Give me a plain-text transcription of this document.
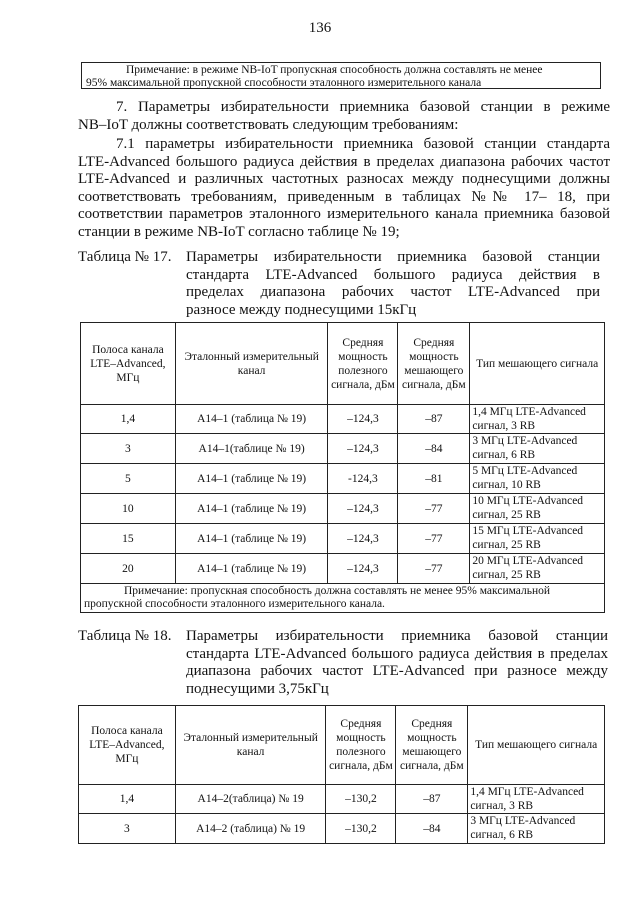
136
Примечание: в режиме NB-IoT пропускная способность должна составлять не менее
95% максимальной пропускной способности эталонного измерительного канала
7. Параметры избирательности приемника базовой станции в режиме
NB–IoT должны соответствовать следующим требованиям:
7.1 параметры избирательности приемника базовой станции стандарта
LTE-Advanced большого радиуса действия в пределах диапазона рабочих частот
LTE-Advanced и различных частотных разносах между поднесущими должны
соответствовать требованиям, приведенным в таблицах №№ 17– 18, при
соответствии параметров эталонного измерительного канала приемника базовой
станции в режиме NB-IoT согласно таблице № 19;
Таблица № 17. Параметры избирательности приемника базовой станции
стандарта LTE-Advanced большого радиуса действия в
пределах диапазона рабочих частот LTE-Advanced при
разносе между поднесущими 15кГц
Полоса канала LTE–Advanced, МГц	Эталонный измерительный канал	Средняя мощность полезного сигнала, дБм	Средняя мощность мешающего сигнала, дБм	Тип мешающего сигнала
1,4	A14–1 (таблица № 19)	–124,3	–87	1,4 МГц LTE-Advanced сигнал, 3 RB
3	A14–1(таблице № 19)	–124,3	–84	3 МГц LTE-Advanced сигнал, 6 RB
5	A14–1 (таблице № 19)	-124,3	–81	5 МГц LTE-Advanced сигнал, 10 RB
10	A14–1 (таблице № 19)	–124,3	–77	10 МГц LTE-Advanced сигнал, 25 RB
15	A14–1 (таблице № 19)	–124,3	–77	15 МГц LTE-Advanced сигнал, 25 RB
20	A14–1 (таблице № 19)	–124,3	–77	20 МГц LTE-Advanced сигнал, 25 RB

Примечание: пропускная способность должна составлять не менее 95% максимальной
пропускной способности эталонного измерительного канала.				
Таблица № 18. Параметры избирательности приемника базовой станции
стандарта LTE-Advanced большого радиуса действия в пределах
диапазона рабочих частот LTE-Advanced при разносе между
поднесущими 3,75кГц
Полоса канала LTE–Advanced, МГц	Эталонный измерительный канал	Средняя мощность полезного сигнала, дБм	Средняя мощность мешающего сигнала, дБм	Тип мешающего сигнала
1,4	A14–2(таблица) № 19	–130,2	–87	1,4 МГц LTE-Advanced сигнал, 3 RB
3	A14–2 (таблица) № 19	–130,2	–84	3 МГц LTE-Advanced сигнал, 6 RB
